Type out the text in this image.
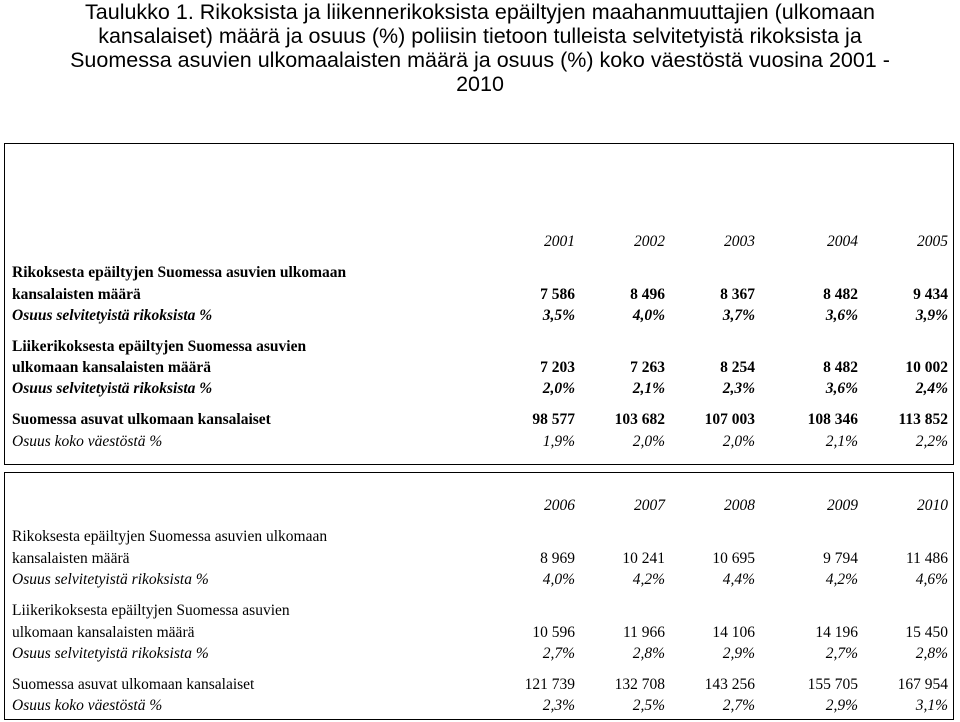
Taulukko 1. Rikoksista ja liikennerikoksista epäiltyjen maahanmuuttajien (ulkomaan
kansalaiset) määrä ja osuus (%) poliisin tietoon tulleista selvitetyistä rikoksista ja
Suomessa asuvien ulkomaalaisten määrä ja osuus (%) koko väestöstä vuosina 2001 -
2010
2001	2002	2003	2004	2005
Rikoksesta epäiltyjen Suomessa asuvien ulkomaan
kansalaisten määrä	7 586	8 496	8 367	8 482	9 434
Osuus selvitetyistä rikoksista %	3,5%	4,0%	3,7%	3,6%	3,9%
Liikerikoksesta epäiltyjen Suomessa asuvien
ulkomaan kansalaisten määrä	7 203	7 263	8 254	8 482	10 002
Osuus selvitetyistä rikoksista %	2,0%	2,1%	2,3%	3,6%	2,4%
Suomessa asuvat ulkomaan kansalaiset	98 577	103 682	107 003	108 346	113 852
Osuus koko väestöstä %	1,9%	2,0%	2,0%	2,1%	2,2%
2006	2007	2008	2009	2010
Rikoksesta epäiltyjen Suomessa asuvien ulkomaan
kansalaisten määrä	8 969	10 241	10 695	9 794	11 486
Osuus selvitetyistä rikoksista %	4,0%	4,2%	4,4%	4,2%	4,6%
Liikerikoksesta epäiltyjen Suomessa asuvien
ulkomaan kansalaisten määrä	10 596	11 966	14 106	14 196	15 450
Osuus selvitetyistä rikoksista %	2,7%	2,8%	2,9%	2,7%	2,8%
Suomessa asuvat ulkomaan kansalaiset	121 739	132 708	143 256	155 705	167 954
Osuus koko väestöstä %	2,3%	2,5%	2,7%	2,9%	3,1%
